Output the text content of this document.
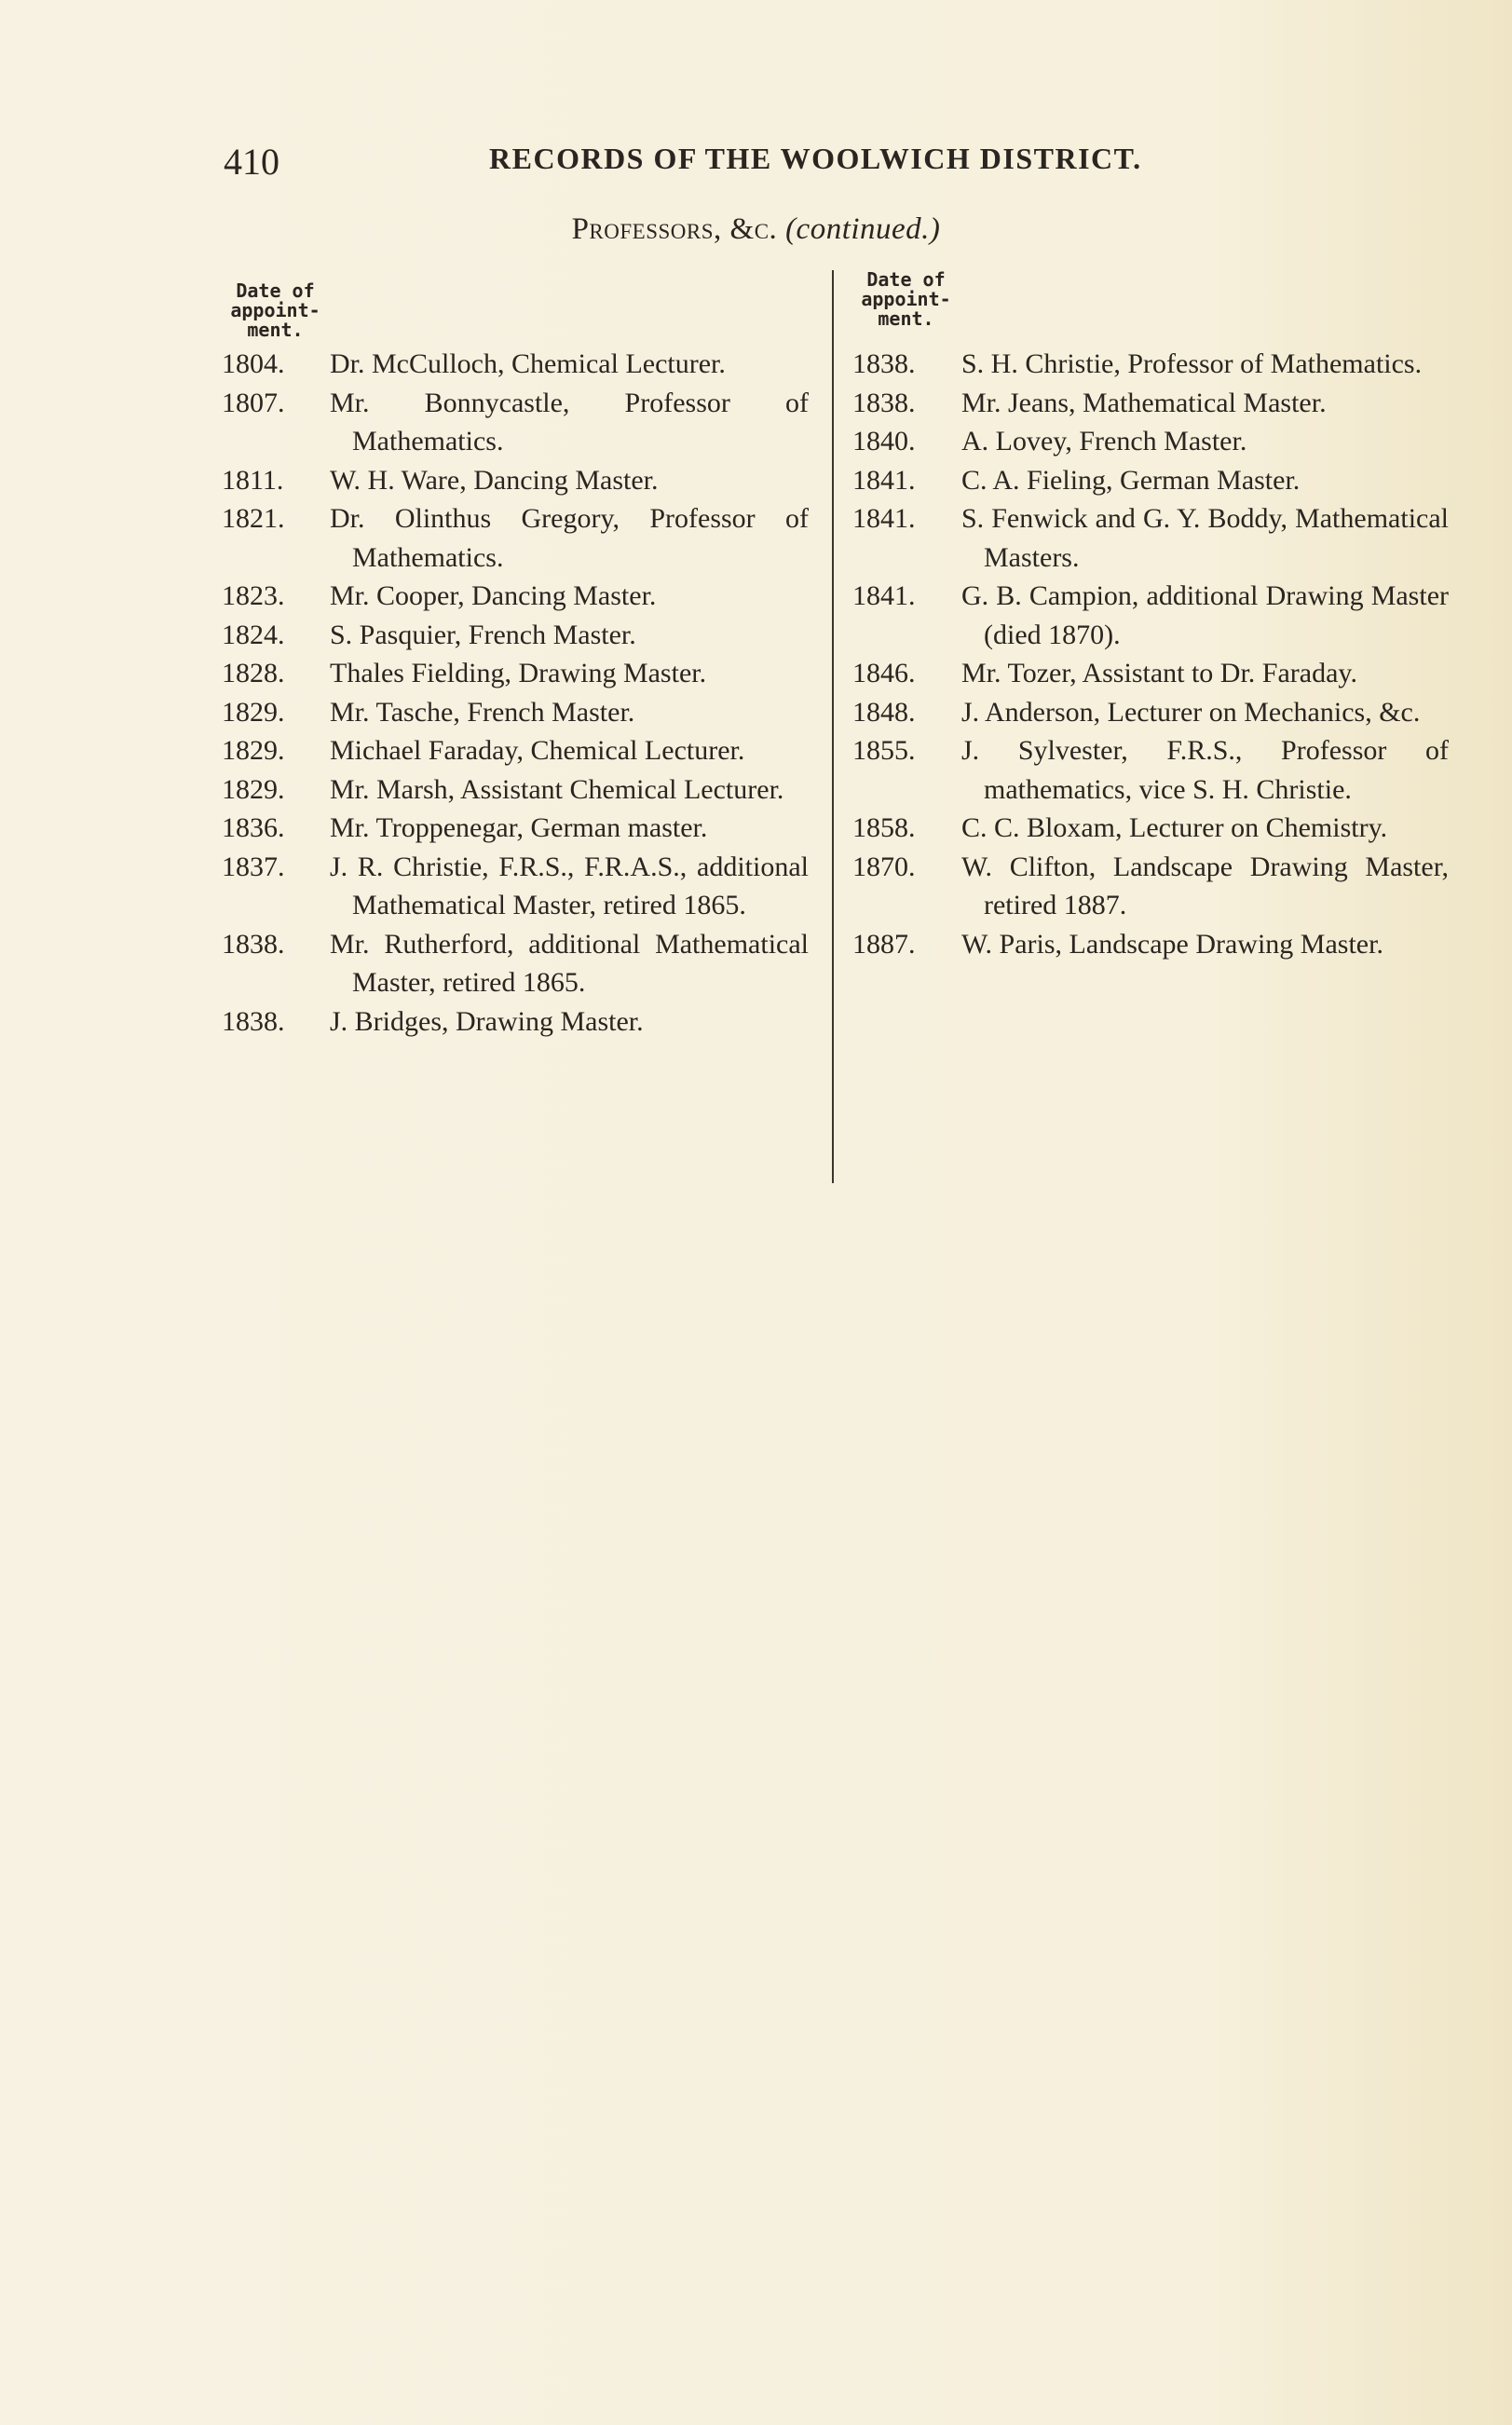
410	RECORDS OF THE WOOLWICH DISTRICT.
Professors, &c. (continued.)
Date of
appoint-
ment.
1804.	Dr. McCulloch, Chemical Lecturer.
1807.	Mr. Bonnycastle, Professor of Mathematics.
1811.	W. H. Ware, Dancing Master.
1821.	Dr. Olinthus Gregory, Professor of Mathematics.
1823.	Mr. Cooper, Dancing Master.
1824.	S. Pasquier, French Master.
1828.	Thales Fielding, Drawing Master.
1829.	Mr. Tasche, French Master.
1829.	Michael Faraday, Chemical Lecturer.
1829.	Mr. Marsh, Assistant Chemical Lecturer.
1836.	Mr. Troppenegar, German master.
1837.	J. R. Christie, F.R.S., F.R.A.S., additional Mathematical Master, retired 1865.
1838.	Mr. Rutherford, additional Mathematical Master, retired 1865.
1838.	J. Bridges, Drawing Master.
Date of
appoint-
ment.
1838.	S. H. Christie, Professor of Mathematics.
1838.	Mr. Jeans, Mathematical Master.
1840.	A. Lovey, French Master.
1841.	C. A. Fieling, German Master.
1841.	S. Fenwick and G. Y. Boddy, Mathematical Masters.
1841.	G. B. Campion, additional Drawing Master (died 1870).
1846.	Mr. Tozer, Assistant to Dr. Faraday.
1848.	J. Anderson, Lecturer on Mechanics, &c.
1855.	J. Sylvester, F.R.S., Professor of mathematics, vice S. H. Christie.
1858.	C. C. Bloxam, Lecturer on Chemistry.
1870.	W. Clifton, Landscape Drawing Master, retired 1887.
1887.	W. Paris, Landscape Drawing Master.
